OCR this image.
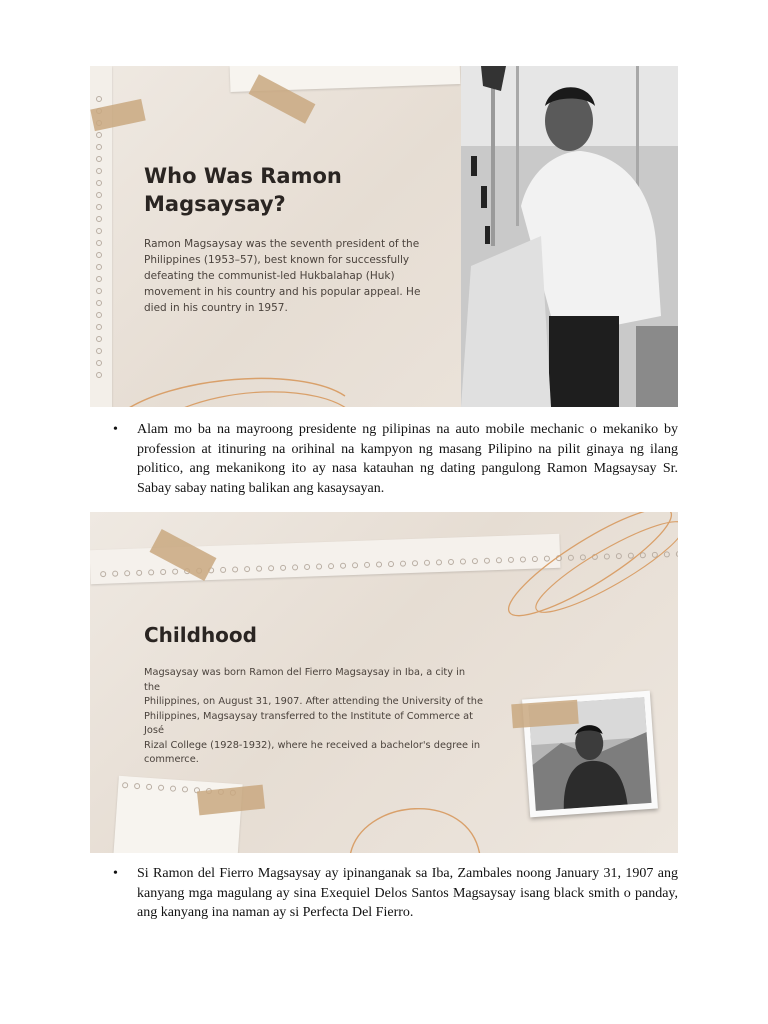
Who Was Ramon
Magsaysay?
Ramon Magsaysay was the seventh president of the
Philippines (1953–57), best known for successfully
defeating the communist-led Hukbalahap (Huk)
movement in his country and his popular appeal. He
died in his country in 1957.
• Alam mo ba na mayroong presidente ng pilipinas na auto mobile mechanic o mekaniko by profession at itinuring na orihinal na kampyon ng masang Pilipino na pilit ginaya ng ilang politico, ang mekanikong ito ay nasa katauhan ng dating pangulong Ramon Magsaysay Sr. Sabay sabay nating balikan ang kasaysayan.

Childhood
Magsaysay was born Ramon del Fierro Magsaysay in Iba, a city in the
Philippines, on August 31, 1907. After attending the University of the
Philippines, Magsaysay transferred to the Institute of Commerce at José
Rizal College (1928-1932), where he received a bachelor's degree in
commerce.
• Si Ramon del Fierro Magsaysay ay ipinanganak sa Iba, Zambales noong January 31, 1907 ang kanyang mga magulang ay sina Exequiel Delos Santos Magsaysay isang black smith o panday, ang kanyang ina naman ay si Perfecta Del Fierro.
